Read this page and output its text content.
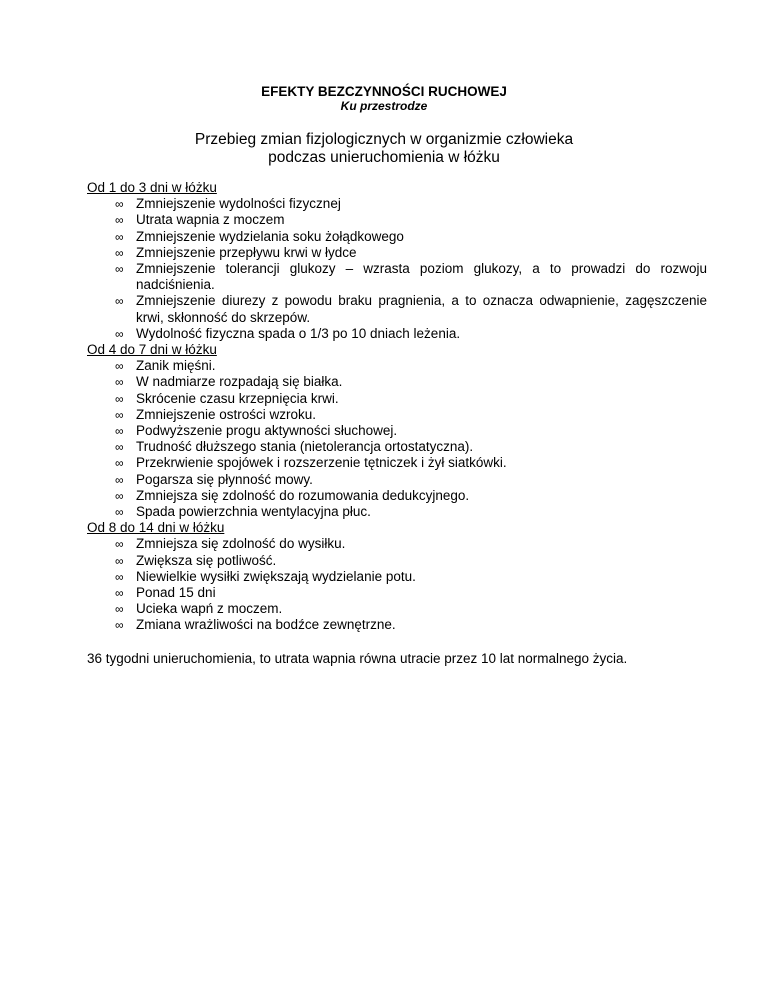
EFEKTY BEZCZYNNOŚCI RUCHOWEJ
Ku przestrodze
Przebieg zmian fizjologicznych w organizmie człowieka
podczas unieruchomienia w łóżku
Od 1 do 3 dni w łóżku
∞ Zmniejszenie wydolności fizycznej
∞ Utrata wapnia z moczem
∞ Zmniejszenie wydzielania soku żołądkowego
∞ Zmniejszenie przepływu krwi w łydce
∞ Zmniejszenie tolerancji glukozy – wzrasta poziom glukozy, a to prowadzi do rozwoju nadciśnienia.
∞ Zmniejszenie diurezy z powodu braku pragnienia, a to oznacza odwapnienie, zagęszczenie krwi, skłonność do skrzepów.
∞ Wydolność fizyczna spada o 1/3 po 10 dniach leżenia.
Od 4 do 7 dni w łóżku
∞ Zanik mięśni.
∞ W nadmiarze rozpadają się białka.
∞ Skrócenie czasu krzepnięcia krwi.
∞ Zmniejszenie ostrości wzroku.
∞ Podwyższenie progu aktywności słuchowej.
∞ Trudność dłuższego stania (nietolerancja ortostatyczna).
∞ Przekrwienie spojówek i rozszerzenie tętniczek i żył siatkówki.
∞ Pogarsza się płynność mowy.
∞ Zmniejsza się zdolność do rozumowania dedukcyjnego.
∞ Spada powierzchnia wentylacyjna płuc.
Od 8 do 14 dni w łóżku
∞ Zmniejsza się zdolność do wysiłku.
∞ Zwiększa się potliwość.
∞ Niewielkie wysiłki zwiększają wydzielanie potu.
∞ Ponad 15 dni
∞ Ucieka wapń z moczem.
∞ Zmiana wrażliwości na bodźce zewnętrzne.
36 tygodni unieruchomienia, to utrata wapnia równa utracie przez 10 lat normalnego życia.
